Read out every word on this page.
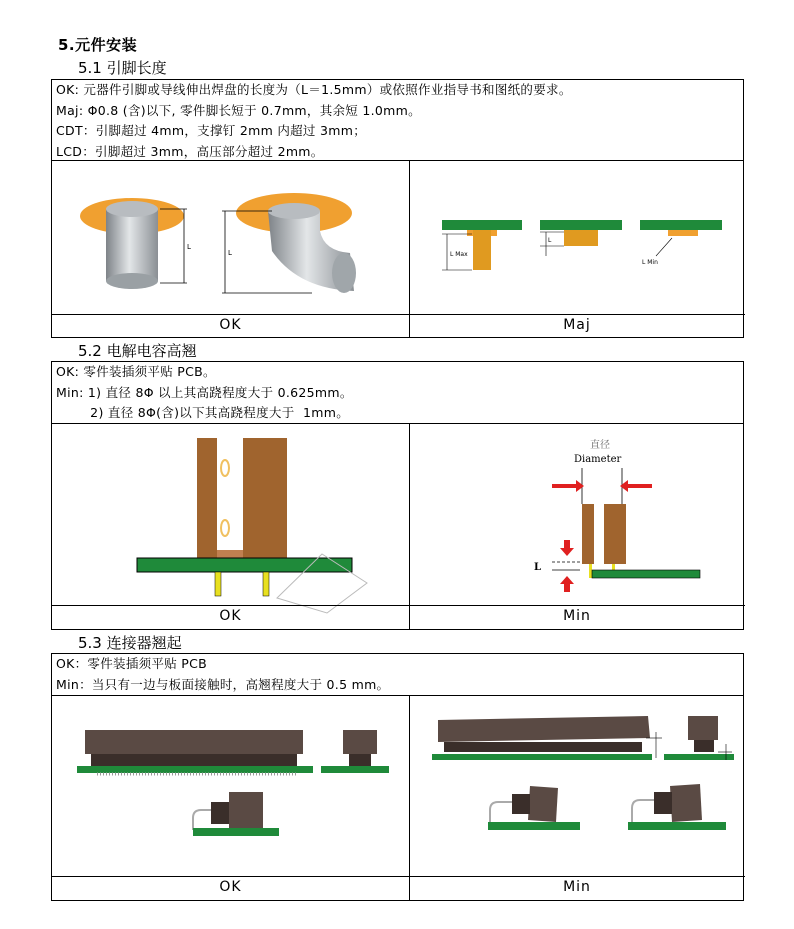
5.元件安装
5.1 引脚长度
OK: 元器件引脚或导线伸出焊盘的长度为（L＝1.5mm）或依照作业指导书和图纸的要求。
Maj: Φ0.8 (含)以下, 零件脚长短于 0.7mm，其余短 1.0mm。
CDT：引脚超过 4mm，支撑钉 2mm 内超过 3mm；
LCD：引脚超过 3mm，高压部分超过 2mm。
L
L	L Max
L
L Min
OK	Maj
5.2 电解电容高翘
OK: 零件装插须平贴 PCB。
Min: 1) 直径 8Φ 以上其高跷程度大于 0.625mm。
2) 直径 8Φ(含)以下其高跷程度大于  1mm。
直径
Diameter
L
OK	Min
5.3 连接器翘起
OK：零件装插须平贴 PCB
Min：当只有一边与板面接触时，高翘程度大于 0.5 mm。
OK	Min
